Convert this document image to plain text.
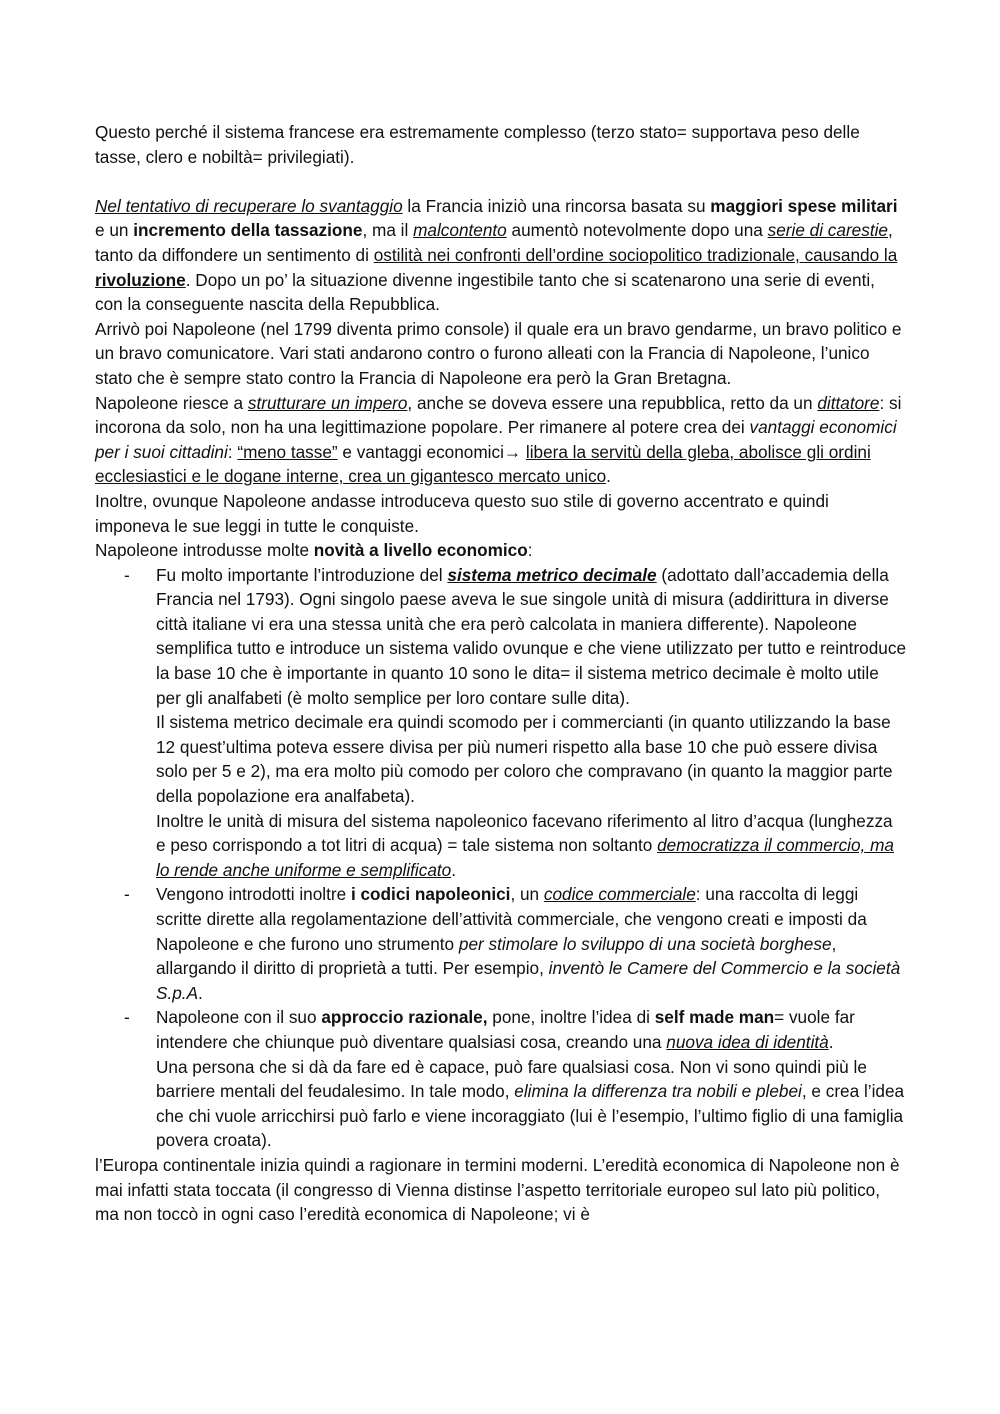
Questo perché il sistema francese era estremamente complesso (terzo stato= supportava peso delle tasse, clero e nobiltà= privilegiati).

Nel tentativo di recuperare lo svantaggio la Francia iniziò una rincorsa basata su maggiori spese militari e un incremento della tassazione, ma il malcontento aumentò notevolmente dopo una serie di carestie, tanto da diffondere un sentimento di ostilità nei confronti dell’ordine sociopolitico tradizionale, causando la rivoluzione. Dopo un po’ la situazione divenne ingestibile tanto che si scatenarono una serie di eventi, con la conseguente nascita della Repubblica.

Arrivò poi Napoleone (nel 1799 diventa primo console) il quale era un bravo gendarme, un bravo politico e un bravo comunicatore. Vari stati andarono contro o furono alleati con la Francia di Napoleone, l’unico stato che è sempre stato contro la Francia di Napoleone era però la Gran Bretagna.

Napoleone riesce a strutturare un impero, anche se doveva essere una repubblica, retto da un dittatore: si incorona da solo, non ha una legittimazione popolare. Per rimanere al potere crea dei vantaggi economici per i suoi cittadini: “meno tasse” e vantaggi economici→ libera la servitù della gleba, abolisce gli ordini ecclesiastici e le dogane interne, crea un gigantesco mercato unico.

Inoltre, ovunque Napoleone andasse introduceva questo suo stile di governo accentrato e quindi imponeva le sue leggi in tutte le conquiste.

Napoleone introdusse molte novità a livello economico:

- Fu molto importante l’introduzione del sistema metrico decimale (adottato dall’accademia della Francia nel 1793). Ogni singolo paese aveva le sue singole unità di misura (addirittura in diverse città italiane vi era una stessa unità che era però calcolata in maniera differente). Napoleone semplifica tutto e introduce un sistema valido ovunque e che viene utilizzato per tutto e reintroduce la base 10 che è importante in quanto 10 sono le dita= il sistema metrico decimale è molto utile per gli analfabeti (è molto semplice per loro contare sulle dita).

Il sistema metrico decimale era quindi scomodo per i commercianti (in quanto utilizzando la base 12 quest’ultima poteva essere divisa per più numeri rispetto alla base 10 che può essere divisa solo per 5 e 2), ma era molto più comodo per coloro che compravano (in quanto la maggior parte della popolazione era analfabeta).

Inoltre le unità di misura del sistema napoleonico facevano riferimento al litro d’acqua (lunghezza e peso corrispondo a tot litri di acqua) = tale sistema non soltanto democratizza il commercio, ma lo rende anche uniforme e semplificato.

- Vengono introdotti inoltre i codici napoleonici, un codice commerciale: una raccolta di leggi scritte dirette alla regolamentazione dell’attività commerciale, che vengono creati e imposti da Napoleone e che furono uno strumento per stimolare lo sviluppo di una società borghese, allargando il diritto di proprietà a tutti. Per esempio, inventò le Camere del Commercio e la società S.p.A.

- Napoleone con il suo approccio razionale, pone, inoltre l’idea di self made man= vuole far intendere che chiunque può diventare qualsiasi cosa, creando una nuova idea di identità.

Una persona che si dà da fare ed è capace, può fare qualsiasi cosa. Non vi sono quindi più le barriere mentali del feudalesimo. In tale modo, elimina la differenza tra nobili e plebei, e crea l’idea che chi vuole arricchirsi può farlo e viene incoraggiato (lui è l’esempio, l’ultimo figlio di una famiglia povera croata).

l’Europa continentale inizia quindi a ragionare in termini moderni. L’eredità economica di Napoleone non è mai infatti stata toccata (il congresso di Vienna distinse l’aspetto territoriale europeo sul lato più politico, ma non toccò in ogni caso l’eredità economica di Napoleone; vi è
